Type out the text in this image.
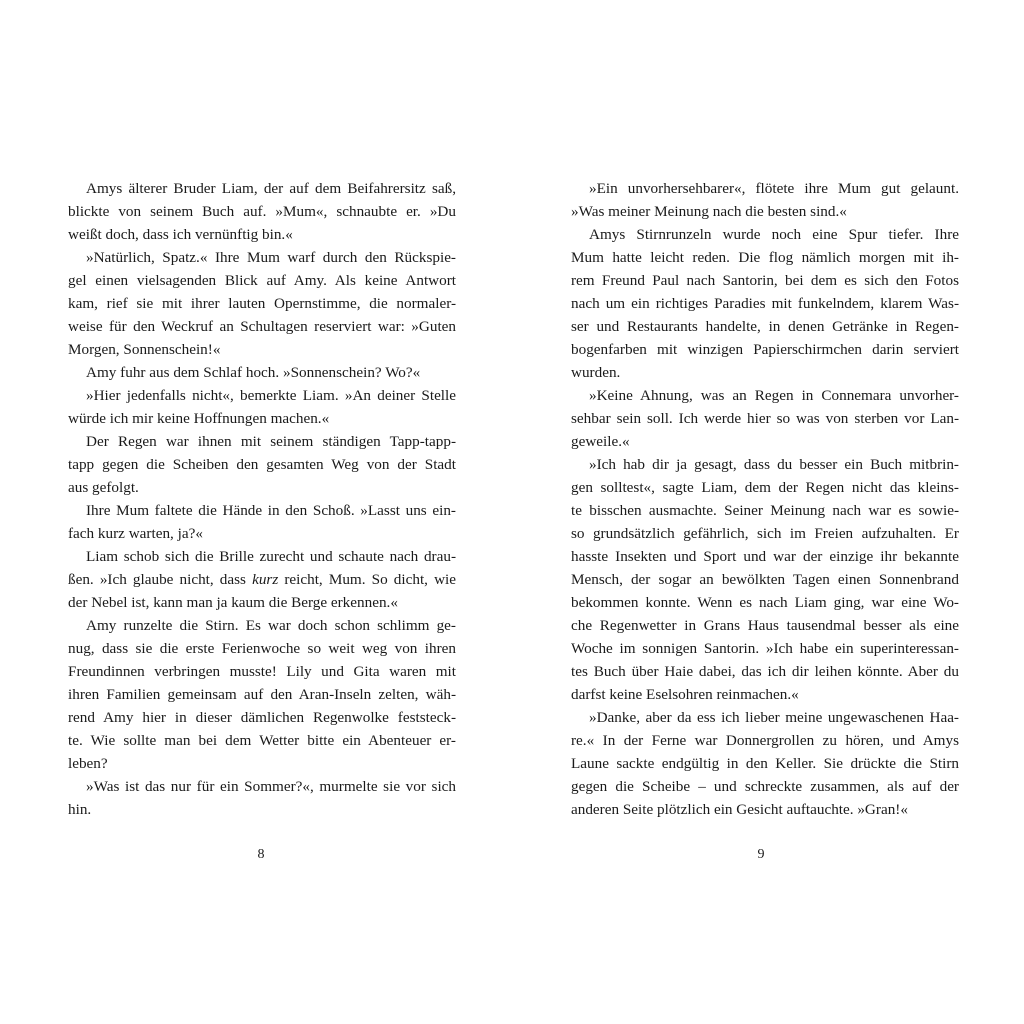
Amys älterer Bruder Liam, der auf dem Beifahrersitz saß,
blickte von seinem Buch auf. »Mum«, schnaubte er. »Du
weißt doch, dass ich vernünftig bin.«
»Natürlich, Spatz.« Ihre Mum warf durch den Rückspie-
gel einen vielsagenden Blick auf Amy. Als keine Antwort
kam, rief sie mit ihrer lauten Opernstimme, die normaler-
weise für den Weckruf an Schultagen reserviert war: »Guten
Morgen, Sonnenschein!«
Amy fuhr aus dem Schlaf hoch. »Sonnenschein? Wo?«
»Hier jedenfalls nicht«, bemerkte Liam. »An deiner Stelle
würde ich mir keine Hoffnungen machen.«
Der Regen war ihnen mit seinem ständigen Tapp-tapp-
tapp gegen die Scheiben den gesamten Weg von der Stadt
aus gefolgt.
Ihre Mum faltete die Hände in den Schoß. »Lasst uns ein-
fach kurz warten, ja?«
Liam schob sich die Brille zurecht und schaute nach drau-
ßen. »Ich glaube nicht, dass kurz reicht, Mum. So dicht, wie
der Nebel ist, kann man ja kaum die Berge erkennen.«
Amy runzelte die Stirn. Es war doch schon schlimm ge-
nug, dass sie die erste Ferienwoche so weit weg von ihren
Freundinnen verbringen musste! Lily und Gita waren mit
ihren Familien gemeinsam auf den Aran-Inseln zelten, wäh-
rend Amy hier in dieser dämlichen Regenwolke feststeck-
te. Wie sollte man bei dem Wetter bitte ein Abenteuer er-
leben?
»Was ist das nur für ein Sommer?«, murmelte sie vor sich
hin.
»Ein unvorhersehbarer«, flötete ihre Mum gut gelaunt.
»Was meiner Meinung nach die besten sind.«
Amys Stirnrunzeln wurde noch eine Spur tiefer. Ihre
Mum hatte leicht reden. Die flog nämlich morgen mit ih-
rem Freund Paul nach Santorin, bei dem es sich den Fotos
nach um ein richtiges Paradies mit funkelndem, klarem Was-
ser und Restaurants handelte, in denen Getränke in Regen-
bogenfarben mit winzigen Papierschirmchen darin serviert
wurden.
»Keine Ahnung, was an Regen in Connemara unvorher-
sehbar sein soll. Ich werde hier so was von sterben vor Lan-
geweile.«
»Ich hab dir ja gesagt, dass du besser ein Buch mitbrin-
gen solltest«, sagte Liam, dem der Regen nicht das kleins-
te bisschen ausmachte. Seiner Meinung nach war es sowie-
so grundsätzlich gefährlich, sich im Freien aufzuhalten. Er
hasste Insekten und Sport und war der einzige ihr bekannte
Mensch, der sogar an bewölkten Tagen einen Sonnenbrand
bekommen konnte. Wenn es nach Liam ging, war eine Wo-
che Regenwetter in Grans Haus tausendmal besser als eine
Woche im sonnigen Santorin. »Ich habe ein superinteressan-
tes Buch über Haie dabei, das ich dir leihen könnte. Aber du
darfst keine Eselsohren reinmachen.«
»Danke, aber da ess ich lieber meine ungewaschenen Haa-
re.« In der Ferne war Donnergrollen zu hören, und Amys
Laune sackte endgültig in den Keller. Sie drückte die Stirn
gegen die Scheibe – und schreckte zusammen, als auf der
anderen Seite plötzlich ein Gesicht auftauchte. »Gran!«
8	9
